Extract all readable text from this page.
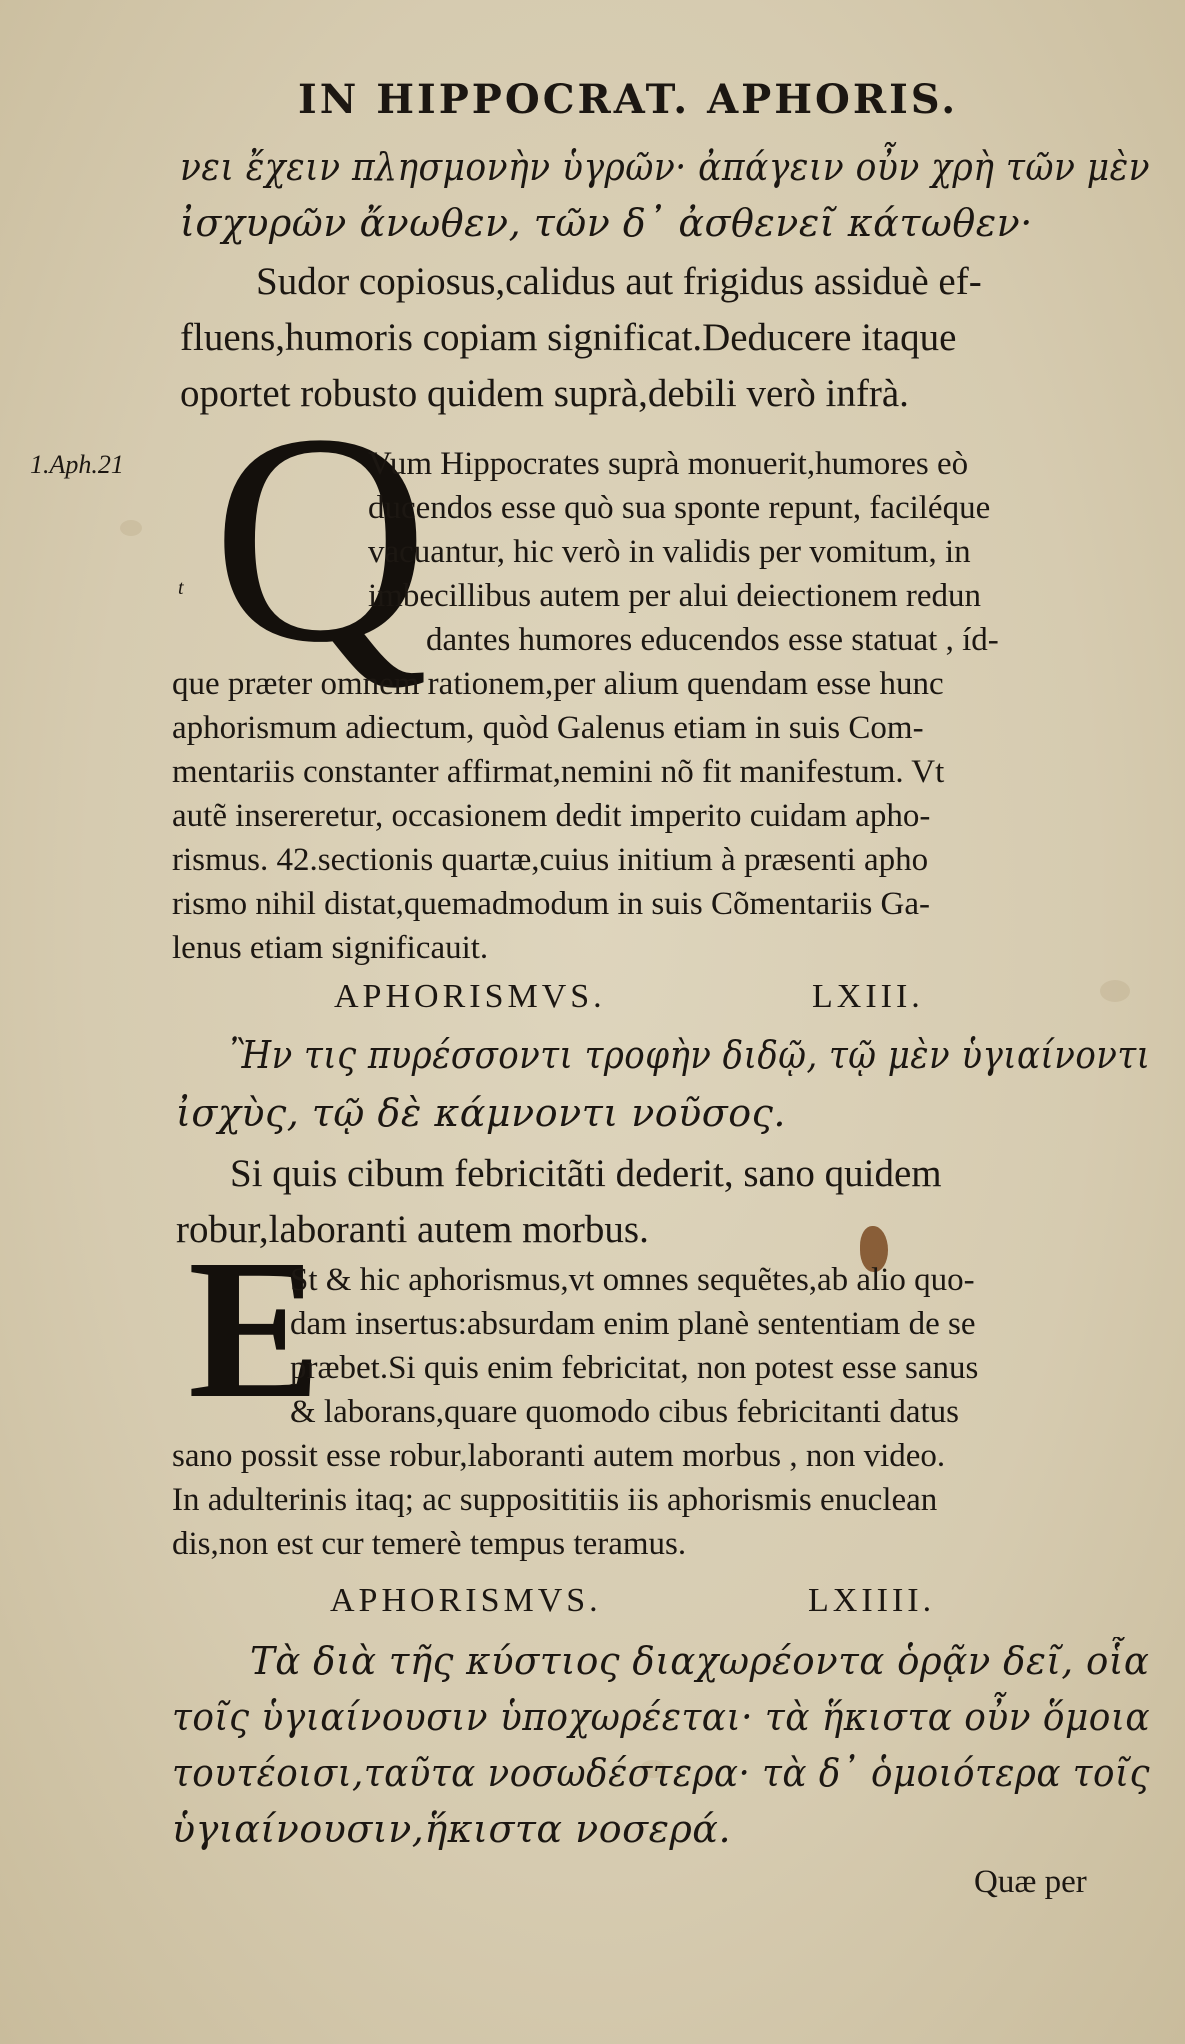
IN HIPPOCRAT. APHORIS.
νει ἔχειν πλησμονὴν ὑγρῶν· ἀπάγειν οὖν χρὴ τῶν μὲν
ἰσχυρῶν ἄνωθεν, τῶν δ᾽ ἀσθενεῖ κάτωθεν·
Sudor copiosus,calidus aut frigidus assiduè ef-
fluens,humoris copiam significat.Deducere itaque
oportet robusto quidem suprà,debili verò infrà.
1.Aph.21
t Q
Vum Hippocrates suprà monuerit,humores eò
ducendos esse quò sua sponte repunt, faciléque
vacuantur, hic verò in validis per vomitum, in
imbecillibus autem per alui deiectionem redun
dantes humores educendos esse statuat , íd-
que præter omnem rationem,per alium quendam esse hunc
aphorismum adiectum, quòd Galenus etiam in suis Com-
mentariis constanter affirmat,nemini nõ fit manifestum. Vt
autẽ insereretur, occasionem dedit imperito cuidam apho-
rismus. 42.sectionis quartæ,cuius initium à præsenti apho
rismo nihil distat,quemadmodum in suis Cõmentariis Ga-
lenus etiam significauit.
APHORISMVS.	LXIII.
Ἢν τις πυρέσσοντι τροφὴν διδῷ, τῷ μὲν ὑγιαίνοντι
ἰσχὺς, τῷ δὲ κάμνοντι νοῦσος.
Si quis cibum febricitãti dederit, sano quidem
robur,laboranti autem morbus.
E
St & hic aphorismus,vt omnes sequẽtes,ab alio quo-
dam insertus:absurdam enim planè sententiam de se
præbet.Si quis enim febricitat, non potest esse sanus
& laborans,quare quomodo cibus febricitanti datus
sano possit esse robur,laboranti autem morbus , non video.
In adulterinis itaq; ac supposititiis iis aphorismis enuclean
dis,non est cur temerè tempus teramus.
APHORISMVS.	LXIIII.
Τὰ διὰ τῆς κύστιος διαχωρέοντα ὁρᾷν δεῖ, οἷα
τοῖς ὑγιαίνουσιν ὑποχωρέεται· τὰ ἥκιστα οὖν ὅμοια
τουτέοισι,ταῦτα νοσωδέστερα· τὰ δ᾽ ὁμοιότερα τοῖς
ὑγιαίνουσιν,ἥκιστα νοσερά.
Quæ per
